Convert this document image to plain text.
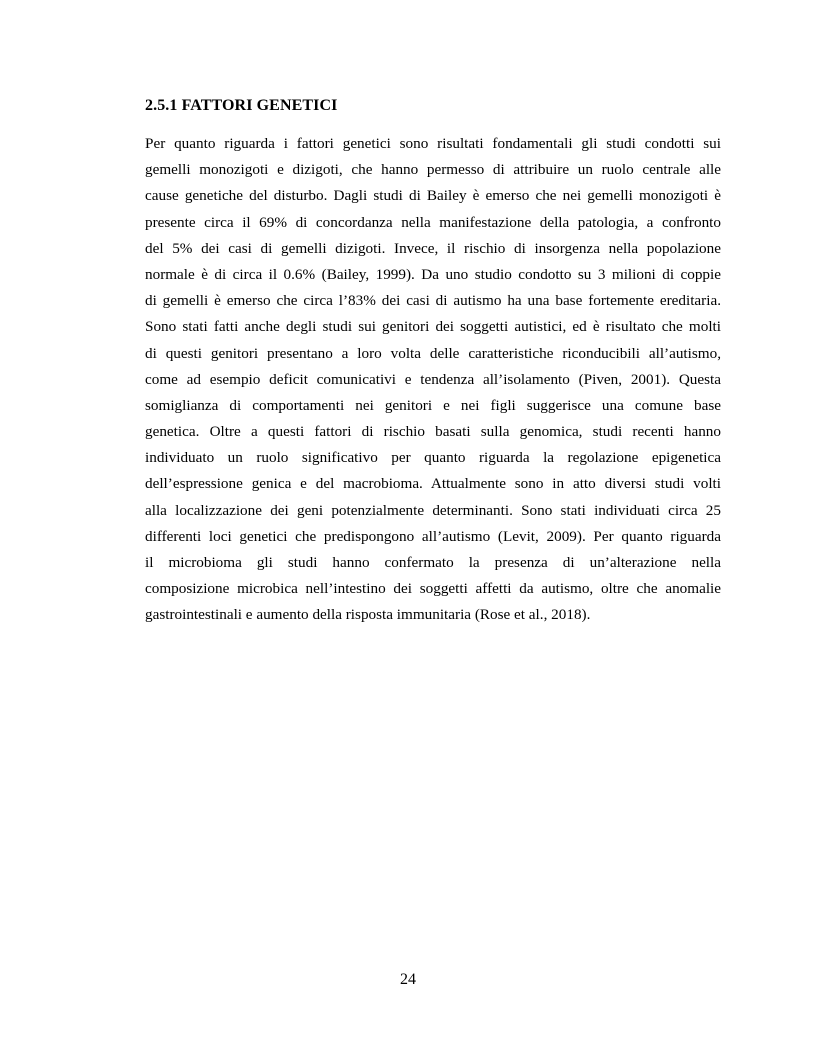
2.5.1 FATTORI GENETICI
Per quanto riguarda i fattori genetici sono risultati fondamentali gli studi condotti sui
gemelli monozigoti e dizigoti, che hanno permesso di attribuire un ruolo centrale alle
cause genetiche del disturbo. Dagli studi di Bailey è emerso che nei gemelli monozigoti è
presente circa il 69% di concordanza nella manifestazione della patologia, a confronto
del 5% dei casi di gemelli dizigoti. Invece, il rischio di insorgenza nella popolazione
normale è di circa il 0.6% (Bailey, 1999). Da uno studio condotto su 3 milioni di coppie
di gemelli è emerso che circa l’83% dei casi di autismo ha una base fortemente ereditaria.
Sono stati fatti anche degli studi sui genitori dei soggetti autistici, ed è risultato che molti
di questi genitori presentano a loro volta delle caratteristiche riconducibili all’autismo,
come ad esempio deficit comunicativi e tendenza all’isolamento (Piven, 2001). Questa
somiglianza di comportamenti nei genitori e nei figli suggerisce una comune base
genetica. Oltre a questi fattori di rischio basati sulla genomica, studi recenti hanno
individuato un ruolo significativo per quanto riguarda la regolazione epigenetica
dell’espressione genica e del macrobioma. Attualmente sono in atto diversi studi volti
alla localizzazione dei geni potenzialmente determinanti. Sono stati individuati circa 25
differenti loci genetici che predispongono all’autismo (Levit, 2009). Per quanto riguarda
il microbioma gli studi hanno confermato la presenza di un’alterazione nella
composizione microbica nell’intestino dei soggetti affetti da autismo, oltre che anomalie
gastrointestinali e aumento della risposta immunitaria (Rose et al., 2018).
24
